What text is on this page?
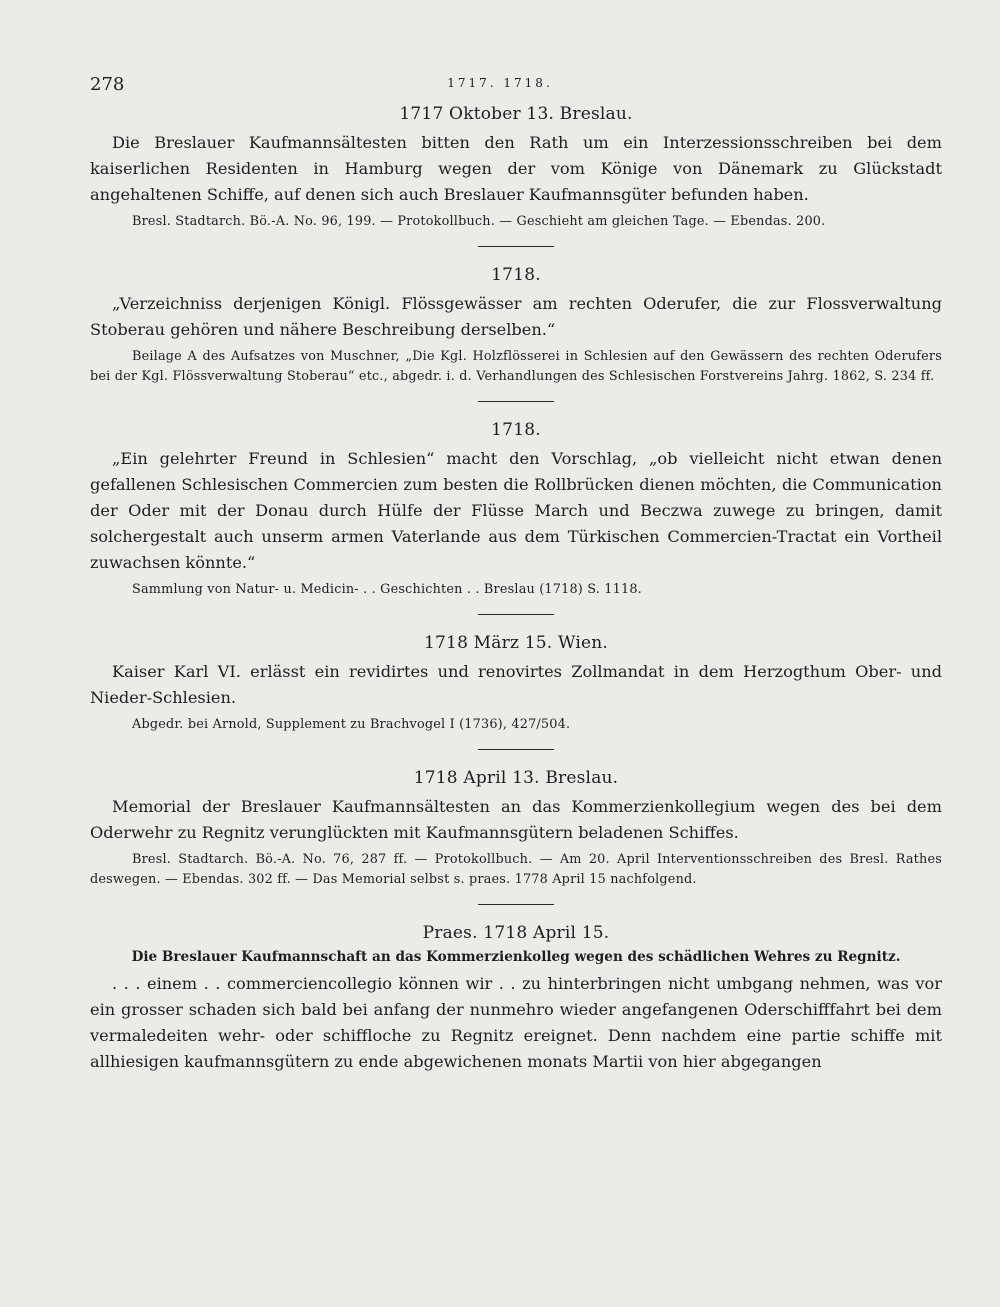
278	1717. 1718.
1717 Oktober 13. Breslau.

Die Breslauer Kaufmannsältesten bitten den Rath um ein Interzessionsschreiben bei dem kaiserlichen Residenten in Hamburg wegen der vom Könige von Dänemark zu Glückstadt angehaltenen Schiffe, auf denen sich auch Breslauer Kaufmannsgüter befunden haben.

Bresl. Stadtarch. Bö.-A. No. 96, 199. — Protokollbuch. — Geschieht am gleichen Tage. — Ebendas. 200.

1718.

„Verzeichniss derjenigen Königl. Flössgewässer am rechten Oderufer, die zur Flossverwaltung Stoberau gehören und nähere Beschreibung derselben.“

Beilage A des Aufsatzes von Muschner, „Die Kgl. Holzflösserei in Schlesien auf den Gewässern des rechten Oderufers bei der Kgl. Flössverwaltung Stoberau“ etc., abgedr. i. d. Verhandlungen des Schlesischen Forstvereins Jahrg. 1862, S. 234 ff.

1718.

„Ein gelehrter Freund in Schlesien“ macht den Vorschlag, „ob vielleicht nicht etwan denen gefallenen Schlesischen Commercien zum besten die Rollbrücken dienen möchten, die Communication der Oder mit der Donau durch Hülfe der Flüsse March und Beczwa zuwege zu bringen, damit solchergestalt auch unserm armen Vaterlande aus dem Türkischen Commercien-Tractat ein Vortheil zuwachsen könnte.“

Sammlung von Natur- u. Medicin- . . Geschichten . . Breslau (1718) S. 1118.

1718 März 15. Wien.

Kaiser Karl VI. erlässt ein revidirtes und renovirtes Zollmandat in dem Herzogthum Ober- und Nieder-Schlesien.

Abgedr. bei Arnold, Supplement zu Brachvogel I (1736), 427/504.

1718 April 13. Breslau.

Memorial der Breslauer Kaufmannsältesten an das Kommerzienkollegium wegen des bei dem Oderwehr zu Regnitz verunglückten mit Kaufmannsgütern beladenen Schiffes.

Bresl. Stadtarch. Bö.-A. No. 76, 287 ff. — Protokollbuch. — Am 20. April Interventionsschreiben des Bresl. Rathes deswegen. — Ebendas. 302 ff. — Das Memorial selbst s. praes. 1778 April 15 nachfolgend.

Praes. 1718 April 15.
Die Breslauer Kaufmannschaft an das Kommerzienkolleg wegen des schädlichen Wehres zu Regnitz.

. . . einem . . commerciencollegio können wir . . zu hinterbringen nicht umbgang nehmen, was vor ein grosser schaden sich bald bei anfang der nunmehro wieder angefangenen Oderschifffahrt bei dem vermaledeiten wehr- oder schiffloche zu Regnitz ereignet. Denn nachdem eine partie schiffe mit allhiesigen kaufmannsgütern zu ende abgewichenen monats Martii von hier abgegangen
